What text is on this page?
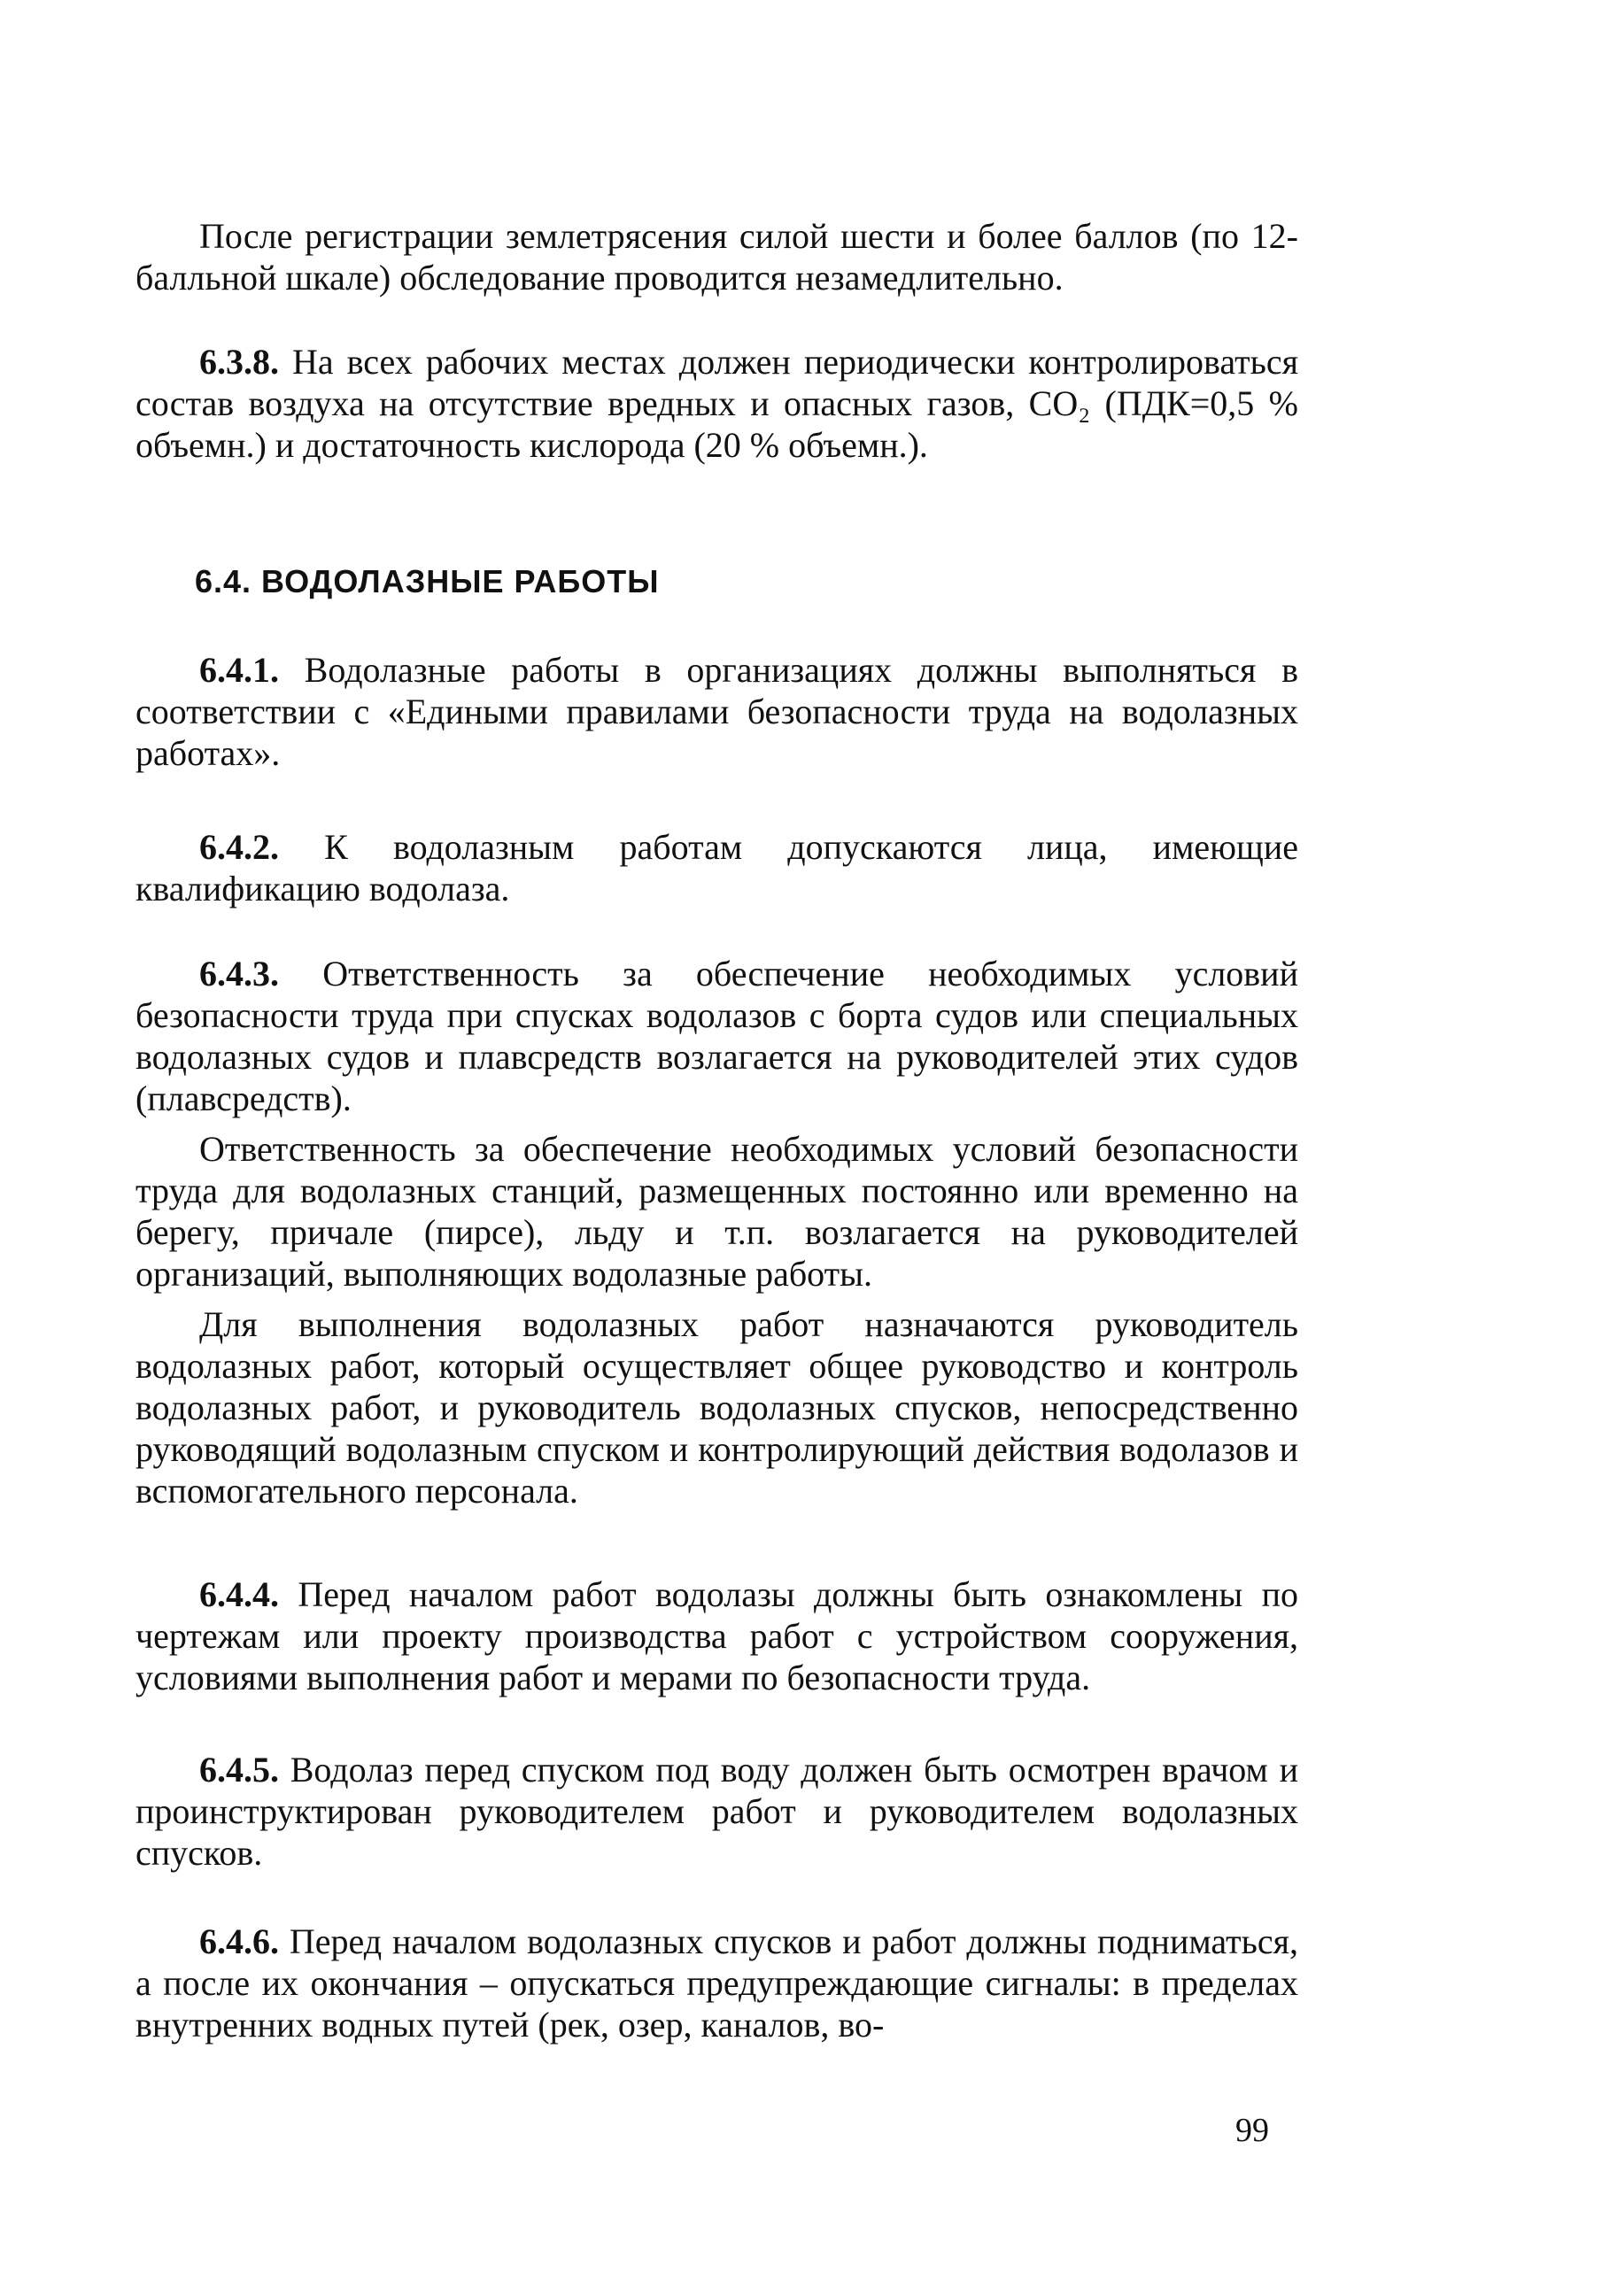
После регистрации землетрясения силой шести и более баллов (по 12-балльной шкале) обследование проводится незамедлительно.

6.3.8. На всех рабочих местах должен периодически контролироваться состав воздуха на отсутствие вредных и опасных газов, CO₂ (ПДК=0,5 % объемн.) и достаточность кислорода (20 % объемн.).

6.4. ВОДОЛАЗНЫЕ РАБОТЫ

6.4.1. Водолазные работы в организациях должны выполняться в соответствии с «Едиными правилами безопасности труда на водолазных работах».

6.4.2. К водолазным работам допускаются лица, имеющие квалификацию водолаза.

6.4.3. Ответственность за обеспечение необходимых условий безопасности труда при спусках водолазов с борта судов или специальных водолазных судов и плавсредств возлагается на руководителей этих судов (плавсредств).

Ответственность за обеспечение необходимых условий безопасности труда для водолазных станций, размещенных постоянно или временно на берегу, причале (пирсе), льду и т.п. возлагается на руководителей организаций, выполняющих водолазные работы.

Для выполнения водолазных работ назначаются руководитель водолазных работ, который осуществляет общее руководство и контроль водолазных работ, и руководитель водолазных спусков, непосредственно руководящий водолазным спуском и контролирующий действия водолазов и вспомогательного персонала.

6.4.4. Перед началом работ водолазы должны быть ознакомлены по чертежам или проекту производства работ с устройством сооружения, условиями выполнения работ и мерами по безопасности труда.

6.4.5. Водолаз перед спуском под воду должен быть осмотрен врачом и проинструктирован руководителем работ и руководителем водолазных спусков.

6.4.6. Перед началом водолазных спусков и работ должны подниматься, а после их окончания – опускаться предупреждающие сигналы: в пределах внутренних водных путей (рек, озер, каналов, во-

99
